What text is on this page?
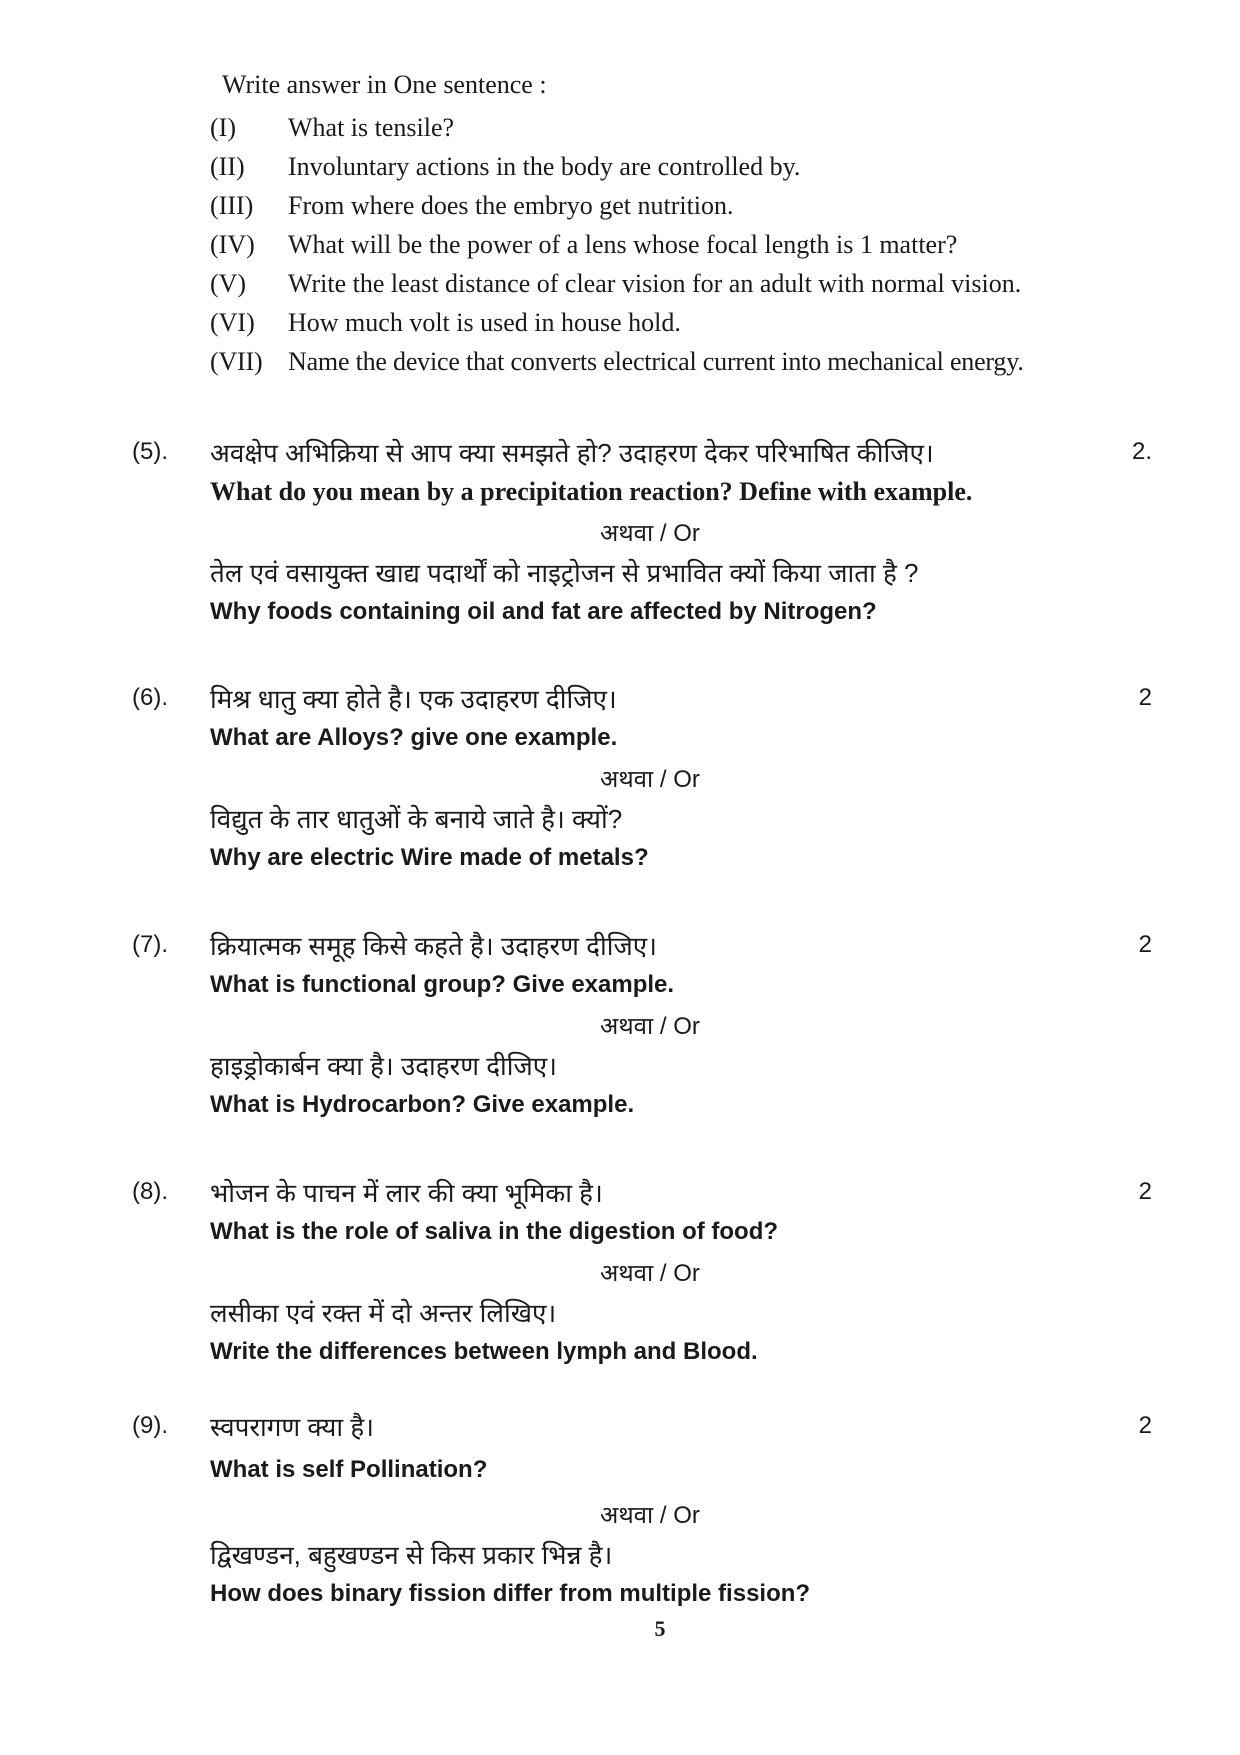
Write answer in One sentence :
(I)	What is tensile?
(II)	Involuntary actions in the body are controlled by.
(III)	From where does the embryo get nutrition.
(IV)	What will be the power of a lens whose focal length is 1 matter?
(V)	Write the least distance of clear vision for an adult with normal vision.
(VI)	How much volt is used in house hold.
(VII) Name the device that converts electrical current into mechanical energy.
(5). अवक्षेप अभिक्रिया से आप क्या समझते हो? उदाहरण देकर परिभाषित कीजिए।	2.
What do you mean by a precipitation reaction? Define with example.
अथवा / Or
तेल एवं वसायुक्त खाद्य पदार्थों को नाइट्रोजन से प्रभावित क्यों किया जाता है ?
Why foods containing oil and fat are affected by Nitrogen?
(6). मिश्र धातु क्या होते है। एक उदाहरण दीजिए।	2
What are Alloys? give one example.
अथवा / Or
विद्युत के तार धातुओं के बनाये जाते है। क्यों?
Why are electric Wire made of metals?
(7). क्रियात्मक समूह किसे कहते है। उदाहरण दीजिए।	2
What is functional group? Give example.
अथवा / Or
हाइड्रोकार्बन क्या है। उदाहरण दीजिए।
What is Hydrocarbon? Give example.
(8). भोजन के पाचन में लार की क्या भूमिका है।	2
What is the role of saliva in the digestion of food?
अथवा / Or
लसीका एवं रक्त में दो अन्तर लिखिए।
Write the differences between lymph and Blood.
(9). स्वपरागण क्या है।	2
What is self Pollination?
अथवा / Or
द्विखण्डन, बहुखण्डन से किस प्रकार भिन्न है।
How does binary fission differ from multiple fission?
5
